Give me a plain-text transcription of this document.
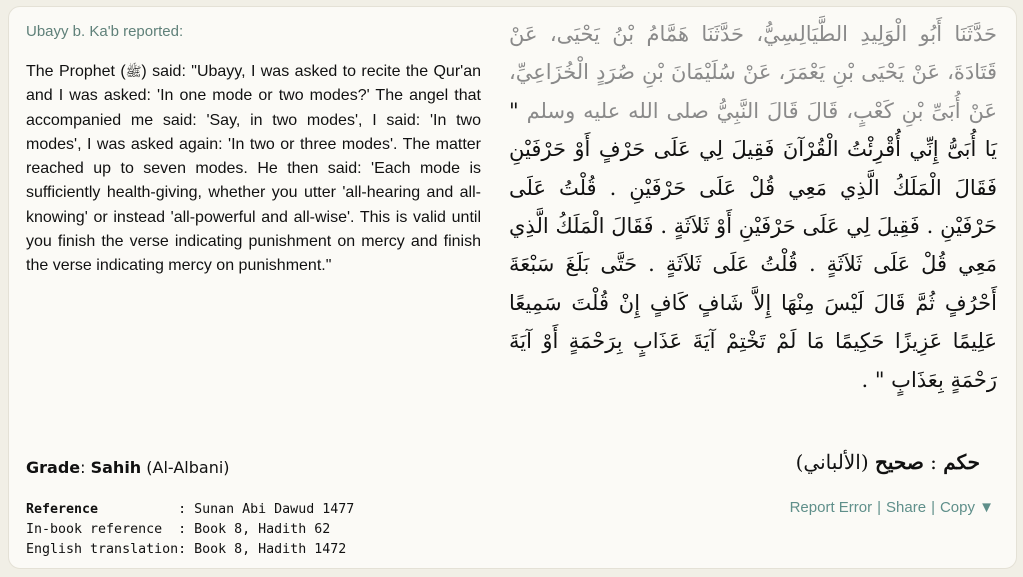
Ubayy b. Ka'b reported:

The Prophet (ﷺ) said: "Ubayy, I was asked to recite the Qur'an and I was asked: 'In one mode or two modes?' The angel that accompanied me said: 'Say, in two modes', I said: 'In two modes', I was asked again: 'In two or three modes'. The matter reached up to seven modes. He then said: 'Each mode is sufficiently health-giving, whether you utter 'all-hearing and all-knowing' or instead 'all-powerful and all-wise'. This is valid until you finish the verse indicating punishment on mercy and finish the verse indicating mercy on punishment."

حَدَّثَنَا أَبُو الْوَلِيدِ الطَّيَالِسِيُّ، حَدَّثَنَا هَمَّامُ بْنُ يَحْيَى، عَنْ قَتَادَةَ، عَنْ يَحْيَى بْنِ يَعْمَرَ، عَنْ سُلَيْمَانَ بْنِ صُرَدٍ الْخُزَاعِيِّ، عَنْ أُبَىِّ بْنِ كَعْبٍ، قَالَ قَالَ النَّبِيُّ صلى الله عليه وسلم " يَا أُبَىُّ إِنِّي أُقْرِئْتُ الْقُرْآنَ فَقِيلَ لِي عَلَى حَرْفٍ أَوْ حَرْفَيْنِ فَقَالَ الْمَلَكُ الَّذِي مَعِي قُلْ عَلَى حَرْفَيْنِ . قُلْتُ عَلَى حَرْفَيْنِ . فَقِيلَ لِي عَلَى حَرْفَيْنِ أَوْ ثَلاَثَةٍ . فَقَالَ الْمَلَكُ الَّذِي مَعِي قُلْ عَلَى ثَلاَثَةٍ . قُلْتُ عَلَى ثَلاَثَةٍ . حَتَّى بَلَغَ سَبْعَةَ أَحْرُفٍ ثُمَّ قَالَ لَيْسَ مِنْهَا إِلاَّ شَافٍ كَافٍ إِنْ قُلْتَ سَمِيعًا عَلِيمًا عَزِيزًا حَكِيمًا مَا لَمْ تَخْتِمْ آيَةَ عَذَابٍ بِرَحْمَةٍ أَوْ آيَةَ رَحْمَةٍ بِعَذَابٍ " .

Grade: Sahih (Al-Albani)	حكم : صحيح (الألباني)
Reference	: Sunan Abi Dawud 1477
In-book reference	: Book 8, Hadith 62
English translation	: Book 8, Hadith 1472
Report Error | Share | Copy ▼
